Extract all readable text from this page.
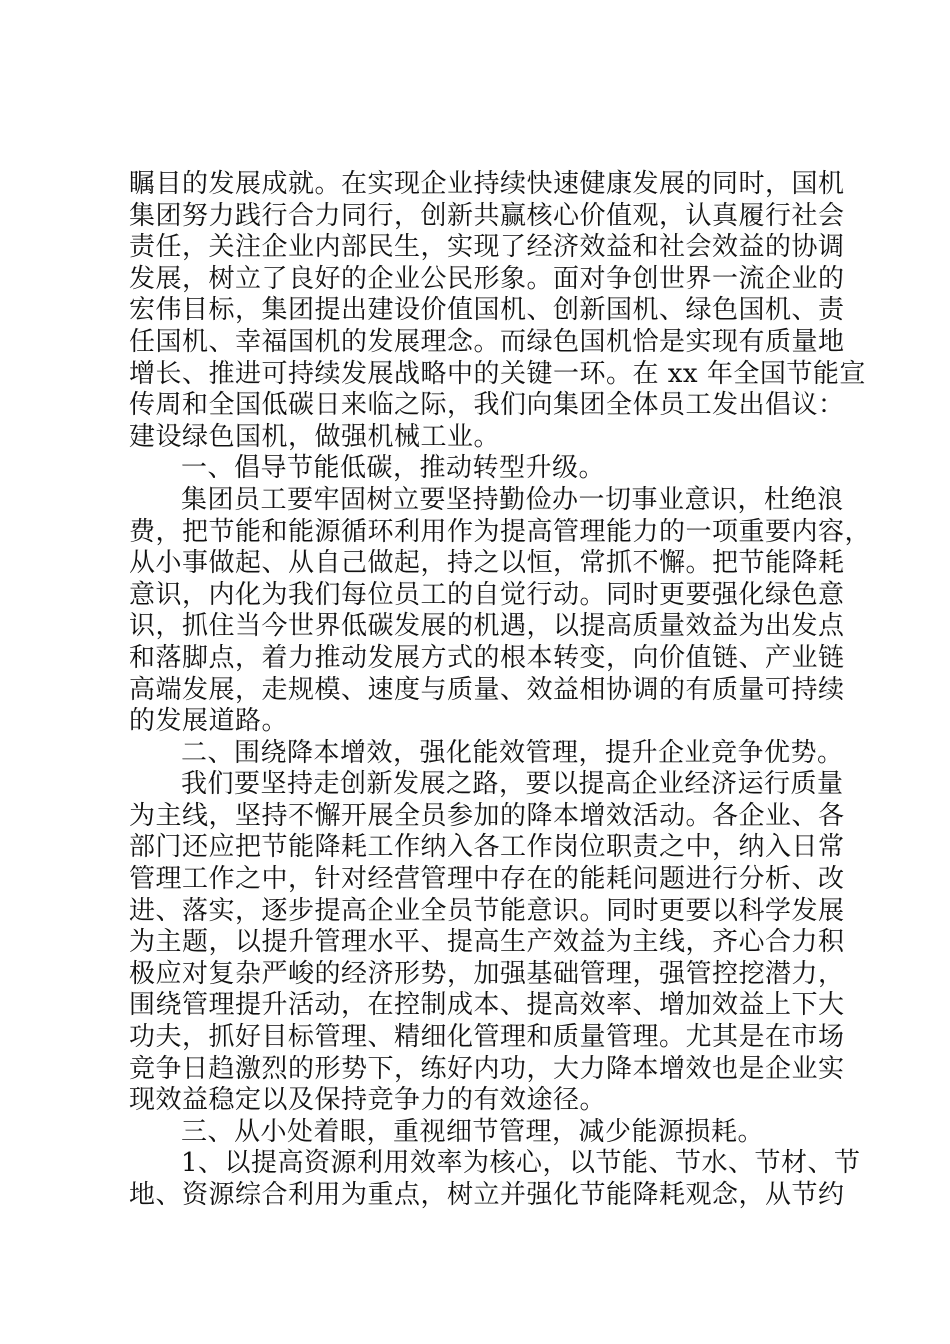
瞩目的发展成就。在实现企业持续快速健康发展的同时，国机
集团努力践行合力同行，创新共赢核心价值观，认真履行社会
责任，关注企业内部民生，实现了经济效益和社会效益的协调
发展，树立了良好的企业公民形象。面对争创世界一流企业的
宏伟目标，集团提出建设价值国机、创新国机、绿色国机、责
任国机、幸福国机的发展理念。而绿色国机恰是实现有质量地
增长、推进可持续发展战略中的关键一环。在 xx 年全国节能宣
传周和全国低碳日来临之际，我们向集团全体员工发出倡议：
建设绿色国机，做强机械工业。
一、倡导节能低碳，推动转型升级。
集团员工要牢固树立要坚持勤俭办一切事业意识，杜绝浪
费，把节能和能源循环利用作为提高管理能力的一项重要内容，
从小事做起、从自己做起，持之以恒，常抓不懈。把节能降耗
意识，内化为我们每位员工的自觉行动。同时更要强化绿色意
识，抓住当今世界低碳发展的机遇，以提高质量效益为出发点
和落脚点，着力推动发展方式的根本转变，向价值链、产业链
高端发展，走规模、速度与质量、效益相协调的有质量可持续
的发展道路。
二、围绕降本增效，强化能效管理，提升企业竞争优势。
我们要坚持走创新发展之路，要以提高企业经济运行质量
为主线，坚持不懈开展全员参加的降本增效活动。各企业、各
部门还应把节能降耗工作纳入各工作岗位职责之中，纳入日常
管理工作之中，针对经营管理中存在的能耗问题进行分析、改
进、落实，逐步提高企业全员节能意识。同时更要以科学发展
为主题，以提升管理水平、提高生产效益为主线，齐心合力积
极应对复杂严峻的经济形势，加强基础管理，强管控挖潜力，
围绕管理提升活动，在控制成本、提高效率、增加效益上下大
功夫，抓好目标管理、精细化管理和质量管理。尤其是在市场
竞争日趋激烈的形势下，练好内功，大力降本增效也是企业实
现效益稳定以及保持竞争力的有效途径。
三、从小处着眼，重视细节管理，减少能源损耗。
1、以提高资源利用效率为核心，以节能、节水、节材、节
地、资源综合利用为重点，树立并强化节能降耗观念，从节约
